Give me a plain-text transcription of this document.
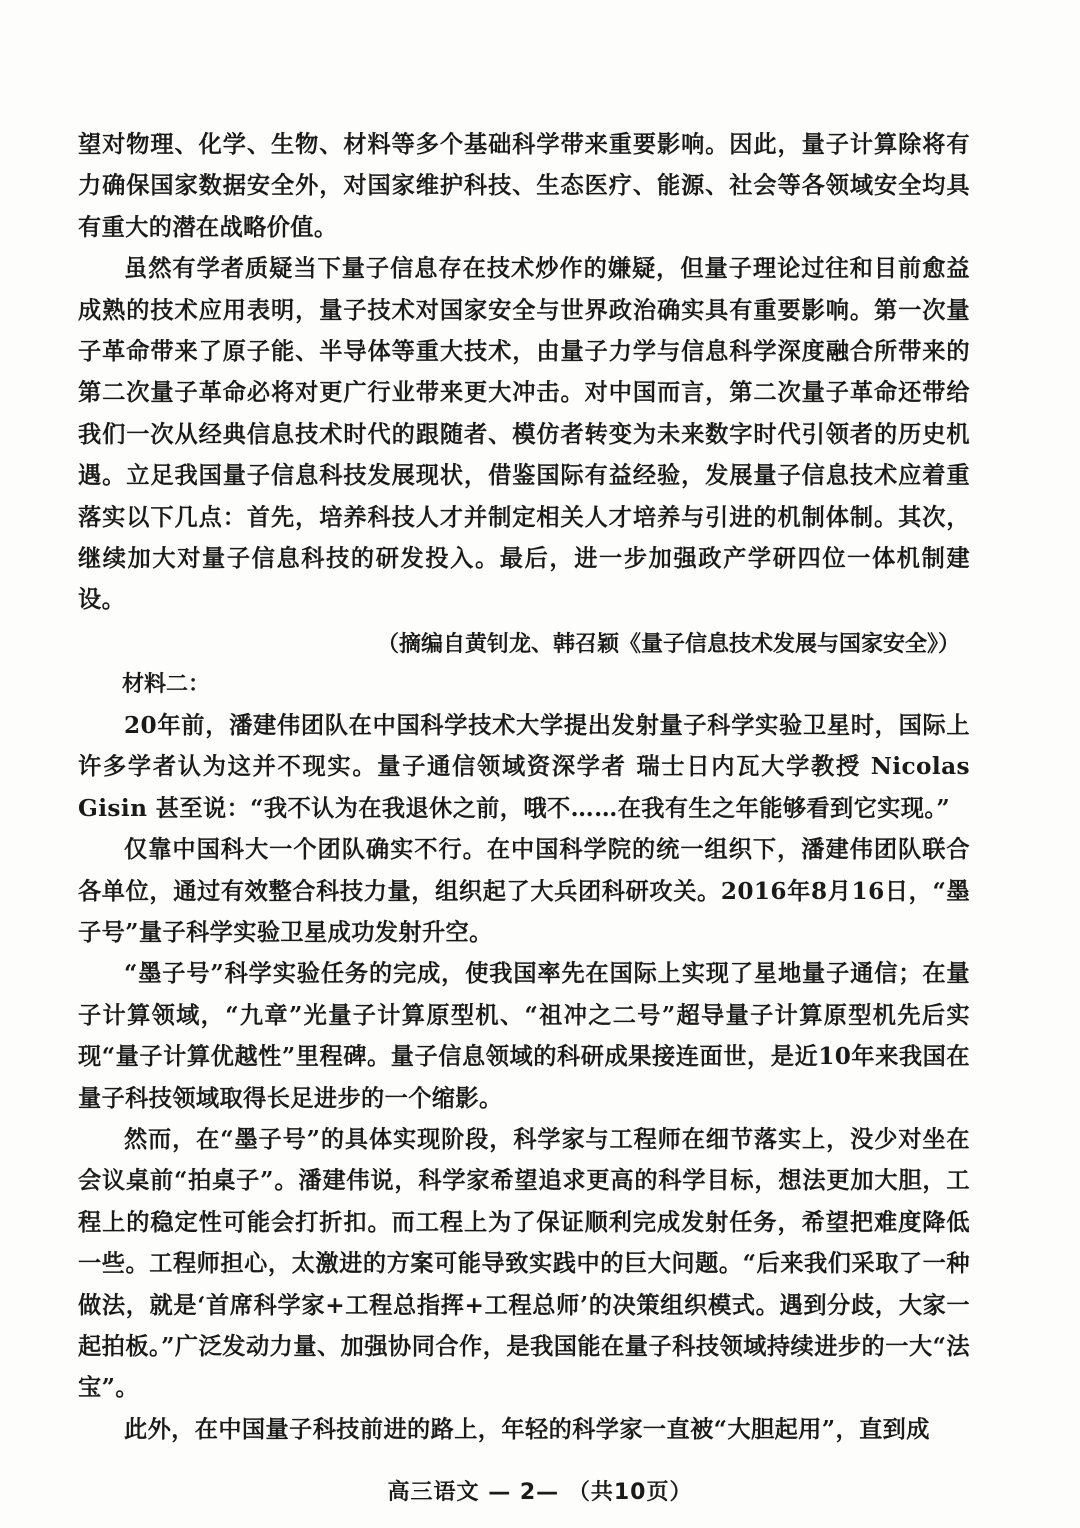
望对物理、化学、生物、材料等多个基础科学带来重要影响。因此，量子计算除将有力确保国家数据安全外，对国家维护科技、生态医疗、能源、社会等各领域安全均具有重大的潜在战略价值。

虽然有学者质疑当下量子信息存在技术炒作的嫌疑，但量子理论过往和目前愈益成熟的技术应用表明，量子技术对国家安全与世界政治确实具有重要影响。第一次量子革命带来了原子能、半导体等重大技术，由量子力学与信息科学深度融合所带来的第二次量子革命必将对更广行业带来更大冲击。对中国而言，第二次量子革命还带给我们一次从经典信息技术时代的跟随者、模仿者转变为未来数字时代引领者的历史机遇。立足我国量子信息科技发展现状，借鉴国际有益经验，发展量子信息技术应着重落实以下几点：首先，培养科技人才并制定相关人才培养与引进的机制体制。其次，继续加大对量子信息科技的研发投入。最后，进一步加强政产学研四位一体机制建设。

（摘编自黄钊龙、韩召颖《量子信息技术发展与国家安全》）

材料二：

20年前，潘建伟团队在中国科学技术大学提出发射量子科学实验卫星时，国际上许多学者认为这并不现实。量子通信领域资深学者 瑞士日内瓦大学教授 Nicolas Gisin 甚至说：“我不认为在我退休之前，哦不……在我有生之年能够看到它实现。”

仅靠中国科大一个团队确实不行。在中国科学院的统一组织下，潘建伟团队联合各单位，通过有效整合科技力量，组织起了大兵团科研攻关。2016年8月16日，“墨子号”量子科学实验卫星成功发射升空。

“墨子号”科学实验任务的完成，使我国率先在国际上实现了星地量子通信；在量子计算领域，“九章”光量子计算原型机、“祖冲之二号”超导量子计算原型机先后实现“量子计算优越性”里程碑。量子信息领域的科研成果接连面世，是近10年来我国在量子科技领域取得长足进步的一个缩影。

然而，在“墨子号”的具体实现阶段，科学家与工程师在细节落实上，没少对坐在会议桌前“拍桌子”。潘建伟说，科学家希望追求更高的科学目标，想法更加大胆，工程上的稳定性可能会打折扣。而工程上为了保证顺利完成发射任务，希望把难度降低一些。工程师担心，太激进的方案可能导致实践中的巨大问题。“后来我们采取了一种做法，就是‘首席科学家+工程总指挥+工程总师’的决策组织模式。遇到分歧，大家一起拍板。”广泛发动力量、加强协同合作，是我国能在量子科技领域持续进步的一大“法宝”。

此外，在中国量子科技前进的路上，年轻的科学家一直被“大胆起用”，直到成

高三语文 — 2— （共10页）
